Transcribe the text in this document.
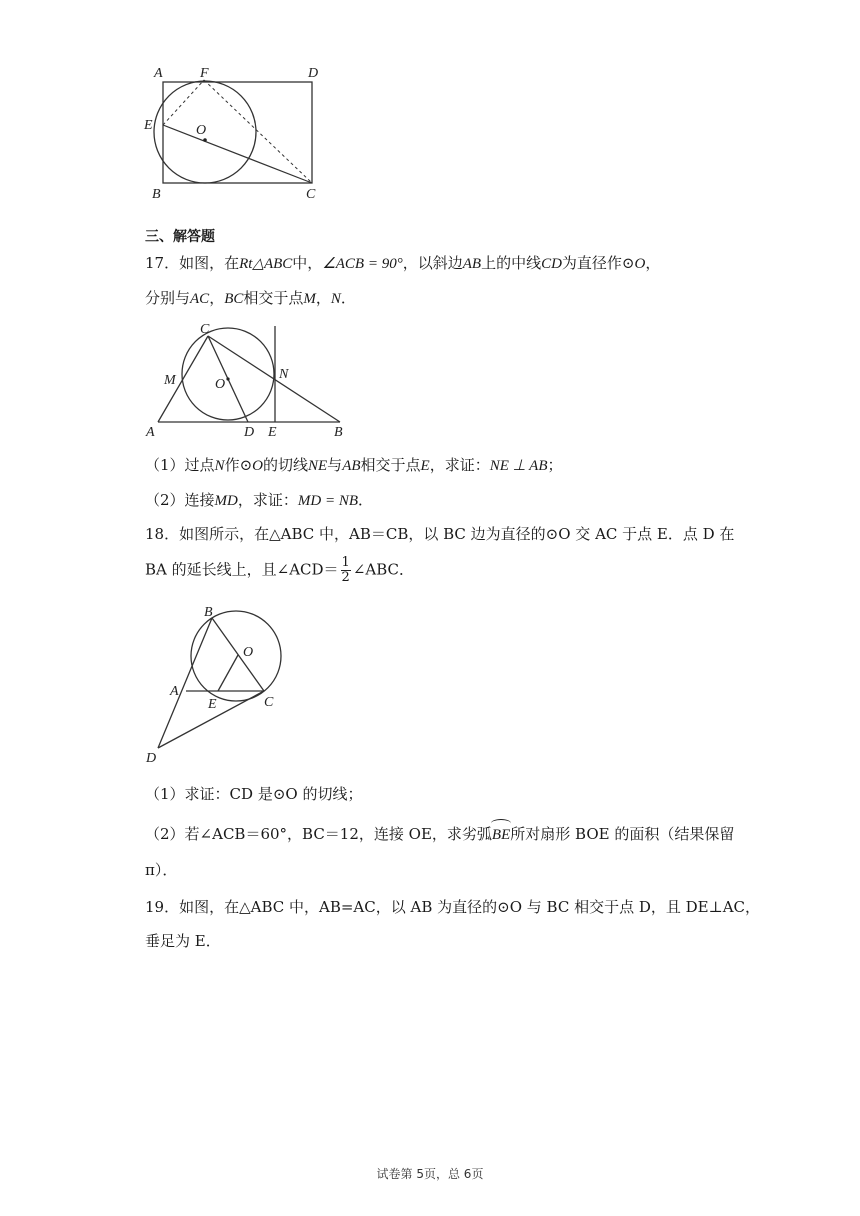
A	F	D
E	O
B	C
三、解答题
17．如图，在Rt△ABC中，∠ACB = 90°，以斜边AB上的中线CD为直径作⊙O，
分别与AC，BC相交于点M，N．
C
M	O
N
A	D E	B
（1）过点N作⊙O的切线NE与AB相交于点E，求证：NE ⊥ AB；
（2）连接MD，求证：MD = NB．
18．如图所示，在△ABC 中，AB＝CB，以 BC 边为直径的⊙O 交 AC 于点 E．点 D 在
BA 的延长线上，且∠ACD＝ $\frac{1}{2}$ ∠ABC．
B
O
A
E	C
D
（1）求证：CD 是⊙O 的切线；
（2）若∠ACB＝60°，BC＝12，连接 OE，求劣弧BE所对扇形 BOE 的面积（结果保留
π）．
19．如图，在△ABC 中，AB=AC，以 AB 为直径的⊙O 与 BC 相交于点 D，且 DE⊥AC，
垂足为 E．
试卷第 5页，总 6页
